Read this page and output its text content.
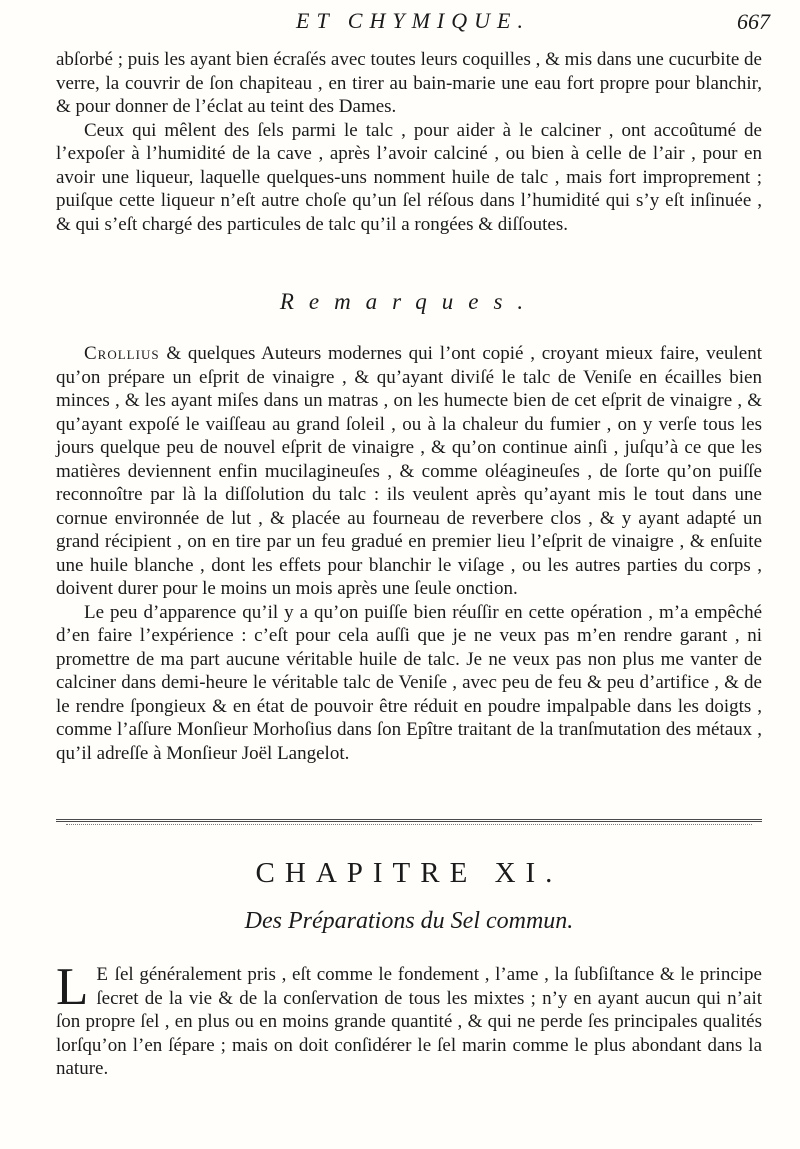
ET CHYMIQUE.	667

abſorbé ; puis les ayant bien écraſés avec toutes leurs coquilles , & mis dans une cucurbite de verre, la couvrir de ſon chapiteau , en tirer au bain-marie une eau fort propre pour blanchir, & pour donner de l’éclat au teint des Dames.

Ceux qui mêlent des ſels parmi le talc , pour aider à le calciner , ont accoûtumé de l’expoſer à l’humidité de la cave , après l’avoir calciné , ou bien à celle de l’air , pour en avoir une liqueur, laquelle quelques-uns nomment huile de talc , mais fort improprement ; puiſque cette liqueur n’eſt autre choſe qu’un ſel réſous dans l’humidité qui s’y eſt inſinuée , & qui s’eſt chargé des particules de talc qu’il a rongées & diſſoutes.

Remarques.

Crollius & quelques Auteurs modernes qui l’ont copié , croyant mieux faire, veulent qu’on prépare un eſprit de vinaigre , & qu’ayant diviſé le talc de Veniſe en écailles bien minces , & les ayant miſes dans un matras , on les humecte bien de cet eſprit de vinaigre , & qu’ayant expoſé le vaiſſeau au grand ſoleil , ou à la chaleur du fumier , on y verſe tous les jours quelque peu de nouvel eſprit de vinaigre , & qu’on continue ainſi , juſqu’à ce que les matières deviennent enfin mucilagineuſes , & comme oléagineuſes , de ſorte qu’on puiſſe reconnoître par là la diſſolution du talc : ils veulent après qu’ayant mis le tout dans une cornue environnée de lut , & placée au fourneau de reverbere clos , & y ayant adapté un grand récipient , on en tire par un feu gradué en premier lieu l’eſprit de vinaigre , & enſuite une huile blanche , dont les effets pour blanchir le viſage , ou les autres parties du corps , doivent durer pour le moins un mois après une ſeule onction.

Le peu d’apparence qu’il y a qu’on puiſſe bien réuſſir en cette opération , m’a empêché d’en faire l’expérience : c’eſt pour cela auſſi que je ne veux pas m’en rendre garant , ni promettre de ma part aucune véritable huile de talc. Je ne veux pas non plus me vanter de calciner dans demi-heure le véritable talc de Veniſe , avec peu de feu & peu d’artifice , & de le rendre ſpongieux & en état de pouvoir être réduit en poudre impalpable dans les doigts , comme l’aſſure Monſieur Morhoſius dans ſon Epître traitant de la tranſmutation des métaux , qu’il adreſſe à Monſieur Joël Langelot.

CHAPITRE XI.
Des Préparations du Sel commun.
L E ſel généralement pris , eſt comme le fondement , l’ame , la ſubſiſtance & le principe ſecret de la vie & de la conſervation de tous les mixtes ; n’y en ayant aucun qui n’ait ſon propre ſel , en plus ou en moins grande quantité , & qui ne perde ſes principales qualités lorſqu’on l’en ſépare ; mais on doit conſidérer le ſel marin comme le plus abondant dans la nature.
